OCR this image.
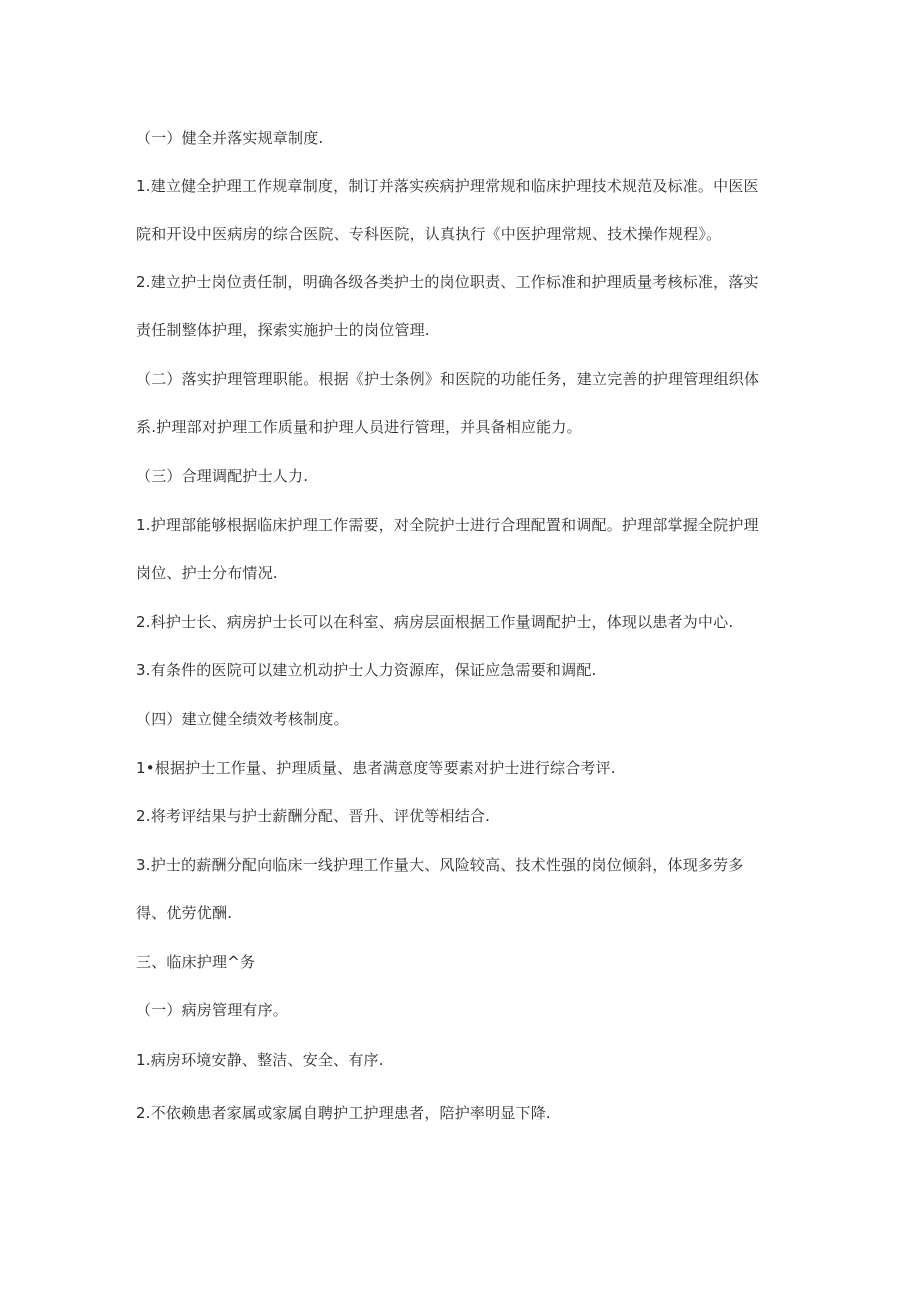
（一）健全并落实规章制度.
1.建立健全护理工作规章制度，制订并落实疾病护理常规和临床护理技术规范及标准。中医医
院和开设中医病房的综合医院、专科医院，认真执行《中医护理常规、技术操作规程》。
2.建立护士岗位责任制，明确各级各类护士的岗位职责、工作标准和护理质量考核标准，落实
责任制整体护理，探索实施护士的岗位管理.
（二）落实护理管理职能。根据《护士条例》和医院的功能任务，建立完善的护理管理组织体
系.护理部对护理工作质量和护理人员进行管理，并具备相应能力。
（三）合理调配护士人力.
1.护理部能够根据临床护理工作需要，对全院护士进行合理配置和调配。护理部掌握全院护理
岗位、护士分布情况.
2.科护士长、病房护士长可以在科室、病房层面根据工作量调配护士，体现以患者为中心.
3.有条件的医院可以建立机动护士人力资源库，保证应急需要和调配.
（四）建立健全绩效考核制度。
1•根据护士工作量、护理质量、患者满意度等要素对护士进行综合考评.
2.将考评结果与护士薪酬分配、晋升、评优等相结合.
3.护士的薪酬分配向临床一线护理工作量大、风险较高、技术性强的岗位倾斜，体现多劳多
得、优劳优酬.
三、临床护理^务
（一）病房管理有序。
1.病房环境安静、整洁、安全、有序.
2.不依赖患者家属或家属自聘护工护理患者，陪护率明显下降.
